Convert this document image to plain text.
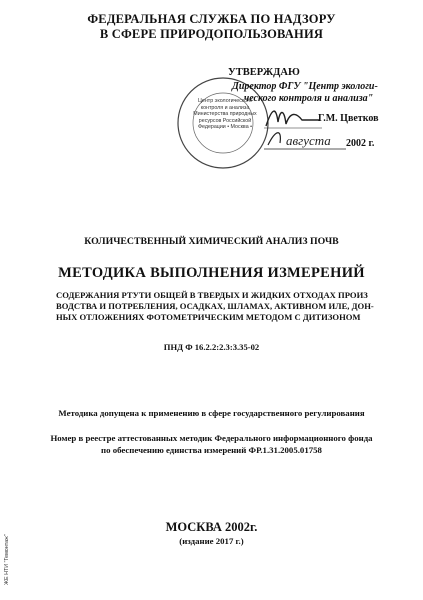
ФЕДЕРАЛЬНАЯ СЛУЖБА ПО НАДЗОРУ
В СФЕРЕ ПРИРОДОПОЛЬЗОВАНИЯ
Центр экологического контроля и анализа Министерства природных ресурсов Российской Федерации • Москва •
УТВЕРЖДАЮ
Директор ФГУ "Центр экологи-
ческого контроля и анализа"
Г.М. Цветков
августа 2002 г.
КОЛИЧЕСТВЕННЫЙ ХИМИЧЕСКИЙ АНАЛИЗ ПОЧВ
МЕТОДИКА ВЫПОЛНЕНИЯ ИЗМЕРЕНИЙ
СОДЕРЖАНИЯ РТУТИ ОБЩЕЙ В ТВЕРДЫХ И ЖИДКИХ ОТХОДАХ ПРОИЗ ВОДСТВА И ПОТРЕБЛЕНИЯ, ОСАДКАХ, ШЛАМАХ, АКТИВНОМ ИЛЕ, ДОН- НЫХ ОТЛОЖЕНИЯХ ФОТОМЕТРИЧЕСКИМ МЕТОДОМ С ДИТИЗОНОМ
ПНД Ф 16.2.2:2.3:3.35-02
Методика допущена к применению в сфере государственного регулирования
Номер в реестре аттестованных методик Федерального информационного фонда
по обеспечению единства измерений ФР.1.31.2005.01758
МОСКВА 2002г.
(издание 2017 г.)
ЖЕ НТИ "Гемонтаж"
